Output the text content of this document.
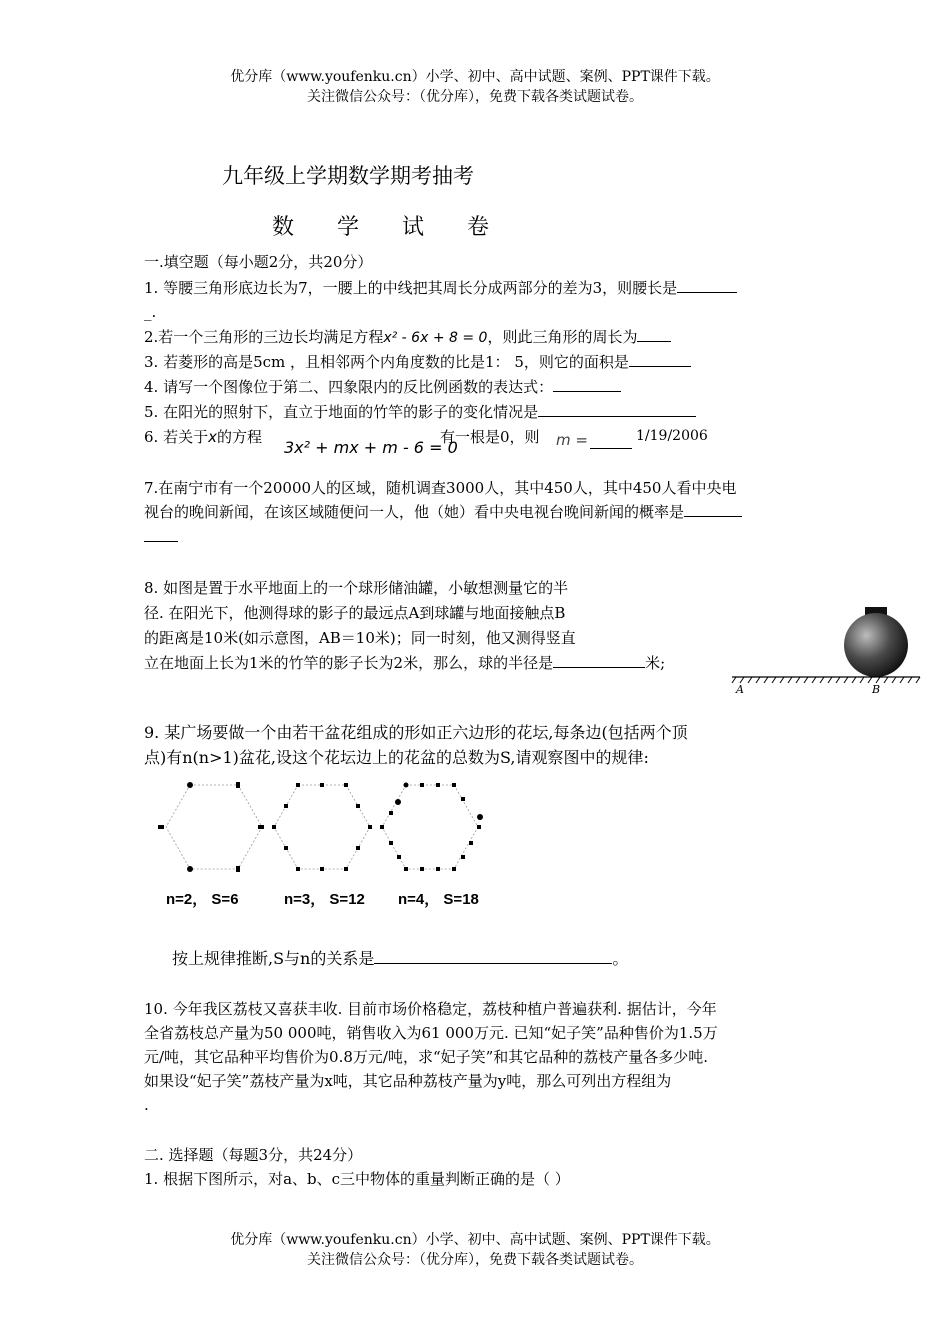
优分库（www.youfenku.cn）小学、初中、高中试题、案例、PPT课件下载。
关注微信公众号：（优分库），免费下载各类试题试卷。
九年级上学期数学期考抽考
数 学 试 卷
一.填空题（每小题2分，共20分）
1. 等腰三角形底边长为7，一腰上的中线把其周长分成两部分的差为3，则腰长是
_.
2.若一个三角形的三边长均满足方程x² - 6x + 8 = 0，则此三角形的周长为
3. 若菱形的高是5cm ，且相邻两个内角度数的比是1： 5，则它的面积是
4. 请写一个图像位于第二、四象限内的反比例函数的表达式：
5. 在阳光的照射下，直立于地面的竹竿的影子的变化情况是
6. 若关于x的方程
3x² + mx + m - 6 = 0
有一根是0，则 m =	1/19/2006
7.在南宁市有一个20000人的区域，随机调查3000人，其中450人，其中450人看中央电
视台的晚间新闻，在该区域随便问一人，他（她）看中央电视台晚间新闻的概率是
8. 如图是置于水平地面上的一个球形储油罐，小敏想测量它的半
径. 在阳光下，他测得球的影子的最远点A到球罐与地面接触点B
的距离是10米(如示意图，AB＝10米)；同一时刻，他又测得竖直
立在地面上长为1米的竹竿的影子长为2米，那么，球的半径是	米;
A	B
9. 某广场要做一个由若干盆花组成的形如正六边形的花坛,每条边(包括两个顶
点)有n(n>1)盆花,设这个花坛边上的花盆的总数为S,请观察图中的规律:
n=2， S=6	n=3， S=12 n=4， S=18
按上规律推断,S与n的关系是	。
10. 今年我区荔枝又喜获丰收. 目前市场价格稳定，荔枝种植户普遍获利. 据估计，今年
全省荔枝总产量为50 000吨，销售收入为61 000万元. 已知“妃子笑”品种售价为1.5万
元/吨，其它品种平均售价为0.8万元/吨，求“妃子笑”和其它品种的荔枝产量各多少吨.
如果设“妃子笑”荔枝产量为x吨，其它品种荔枝产量为y吨，那么可列出方程组为
.
二. 选择题（每题3分，共24分）
1. 根据下图所示，对a、b、c三中物体的重量判断正确的是（ ）
优分库（www.youfenku.cn）小学、初中、高中试题、案例、PPT课件下载。
关注微信公众号：（优分库），免费下载各类试题试卷。
